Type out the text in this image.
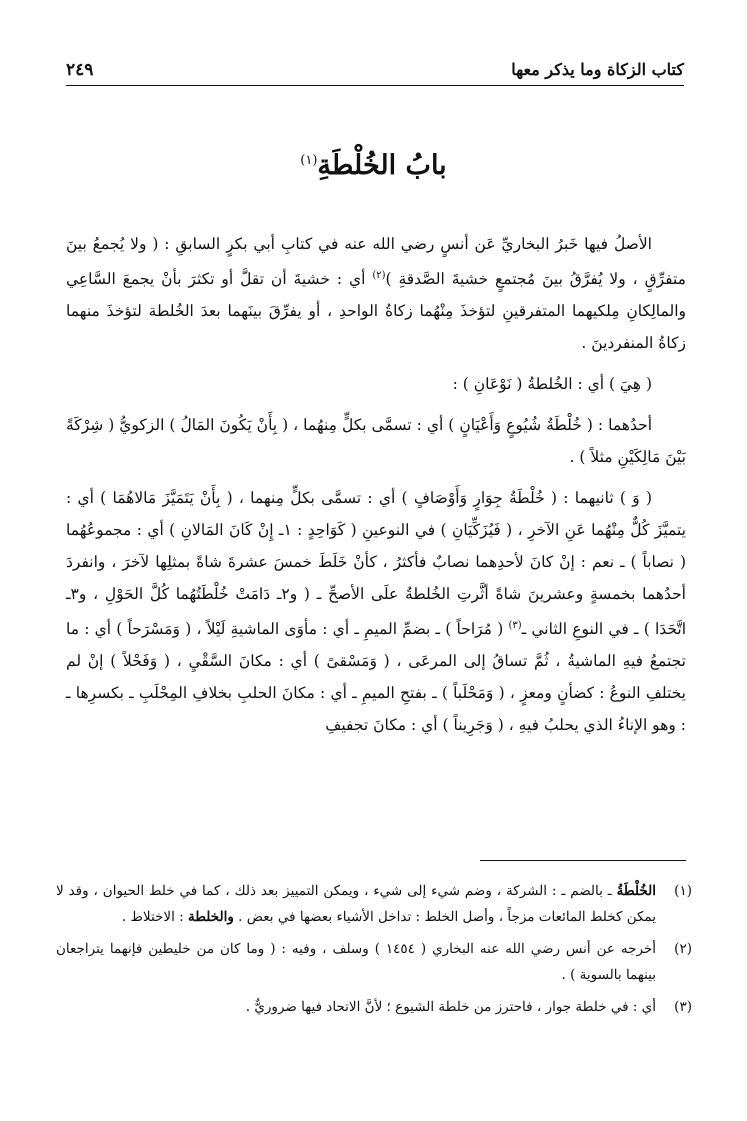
كتاب الزكاة وما يذكر معها
٢٤٩
بابُ الخُلْطَةِ$^{(١)}$

الأصلُ فيها خَبرُ البخاريِّ عَن أنسٍ رضي الله عنه في كتابِ أبي بكرٍ السابقِ : ( ولا يُجمعُ بينَ متفرِّقٍ ، ولا يُفرَّقُ بينَ مُجتمعٍ خشيةَ الصَّدقةِ )$^{(٢)}$ أي : خشيةَ أن تقلَّ أو تكثرَ بأنْ يجمعَ السَّاعِي والمالِكانِ مِلكيهما المتفرقينِ لتؤخذَ مِنْهُما زكاةُ الواحدِ ، أو يفرِّقَ بينَهما بعدَ الخُلطة لتؤخذَ منهما زكاةُ المنفردينَ .

( هِيَ ) أي : الخُلطةُ ( نَوْعَانِ ) :

أحدُهما : ( خُلْطَةُ شُيُوعٍ وَأَعْيَانٍ ) أي : تسمَّى بكلٍّ مِنهُما ، ( بِأَنْ يَكُونَ المَالُ ) الزكويُّ ( شِرْكَةً بَيْنَ مَالِكَيْنِ مثلاً ) .

( وَ ) ثانيهما : ( خُلْطَةُ جِوَارٍ وَأَوْصَافٍ ) أي : تسمَّى بكلٍّ مِنهما ، ( بِأَنْ يَتَمَيَّزَ مَالاهُمَا ) أي : يتميَّزَ كُلٌّ مِنْهُما عَنِ الآخرِ ، ( فَيُزَكِّيَانِ ) في النوعينِ ( كَوَاحِدٍ : ١ـ إِنْ كَانَ المَالانِ ) أي : مجموعُهُما ( نصاباً ) ـ نعم : إنْ كانَ لأحدِهما نصابٌ فأكثرُ ، كأنْ خَلَطَ خمسَ عشرةَ شاةً بمثلِها لآخرَ ، وانفردَ أحدُهما بخمسةٍ وعشرينَ شاةً أثَّرتِ الخُلطةُ علَى الأصحِّ ـ ( و٢ـ دَامَتْ خُلْطَتُهُما كُلَّ الحَوْلِ ، و٣ـ اتَّحَدَا ) ـ في النوعِ الثاني ـ$^{(٣)}$ ( مُرَاحاً ) ـ بضمِّ الميمِ ـ أي : مأوَى الماشيةِ لَيْلاً ، ( وَمَسْرَحاً ) أي : ما تجتمعُ فيهِ الماشيةُ ، ثُمَّ تساقُ إلى المرعَى ، ( وَمَسْقىً ) أي : مكانَ السَّقْيِ ، ( وَفَحْلاً ) إنْ لم يختلفِ النوعُ : كضأنٍ ومعزٍ ، ( وَمَحْلَباً ) ـ بفتحِ الميمِ ـ أي : مكانَ الحلبِ بخلافِ المِحْلَبِ ـ بكسرِها ـ : وهو الإناءُ الذي يحلبُ فيهِ ، ( وَجَرِيناً ) أي : مكانَ تجفيفِ

(١)
الخُلْطَةُ ـ بالضم ـ : الشركة ، وضم شيء إلى شيء ، ويمكن التمييز بعد ذلك ، كما في خلط الحيوان ، وقد لا يمكن كخلط المائعات مزجاً ، وأصل الخلط : تداخل الأشياء بعضها في بعض . والخلطة : الاختلاط .
(٢)
أخرجه عن أنس رضي الله عنه البخاري ( ١٤٥٤ ) وسلف ، وفيه : ( وما كان من خليطين فإنهما يتراجعان بينهما بالسوية ) .
(٣)
أي : في خلطة جوار ، فاحترز من خلطة الشيوع ؛ لأنَّ الاتحاد فيها ضروريٌّ .
